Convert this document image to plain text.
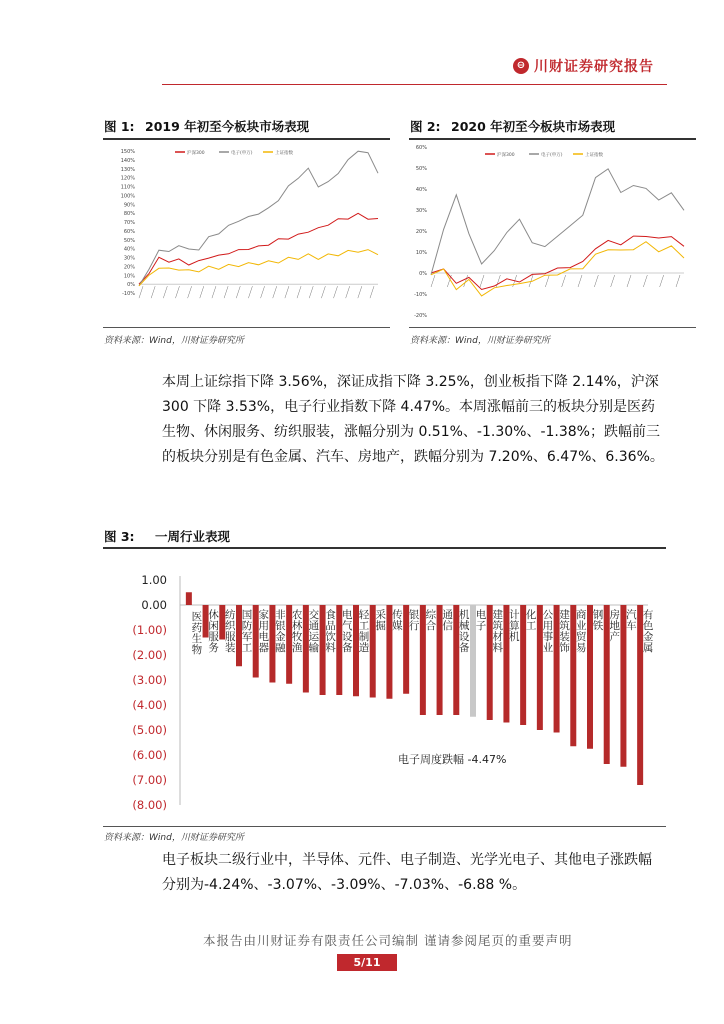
⊖ 川财证券研究报告
图 1: 2019 年初至今板块市场表现
150%
140%
130%
120%
110%
100%
90%
80%
70%
60%
50%
40%
30%
20%
10%
0%
-10%
沪深300	电子(申万)	上证指数
资料来源：Wind，川财证券研究所
图 2: 2020 年初至今板块市场表现
60%
50%
40%
30%
20%
10%
0%
-10%
-20%
沪深300	电子(申万)	上证指数
资料来源：Wind，川财证券研究所
本周上证综指下降 3.56%，深证成指下降 3.25%，创业板指下降 2.14%，沪深 300 下降 3.53%，电子行业指数下降 4.47%。本周涨幅前三的板块分别是医药生物、休闲服务、纺织服装，涨幅分别为 0.51%、-1.30%、-1.38%；跌幅前三的板块分别是有色金属、汽车、房地产，跌幅分别为 7.20%、6.47%、6.36%。
图 3: 一周行业表现
1.00
0.00
(1.00)
(2.00)
(3.00)
(4.00)
(5.00)
(6.00)
(7.00)
(8.00)
医药生物
休闲服务
纺织服装
国防军工
家用电器
非银金融
农林牧渔
交通运输
食品饮料
电气设备
轻工制造
采掘
传媒
银行
综合
通信
机械设备
电子
建筑材料
计算机
化工
公用事业
建筑装饰
商业贸易
钢铁
房地产
汽车
有色金属
电子周度跌幅 -4.47%
资料来源：Wind，川财证券研究所
电子板块二级行业中，半导体、元件、电子制造、光学光电子、其他电子涨跌幅分别为-4.24%、-3.07%、-3.09%、-7.03%、-6.88 %。
本报告由川财证券有限责任公司编制 谨请参阅尾页的重要声明
5/11
